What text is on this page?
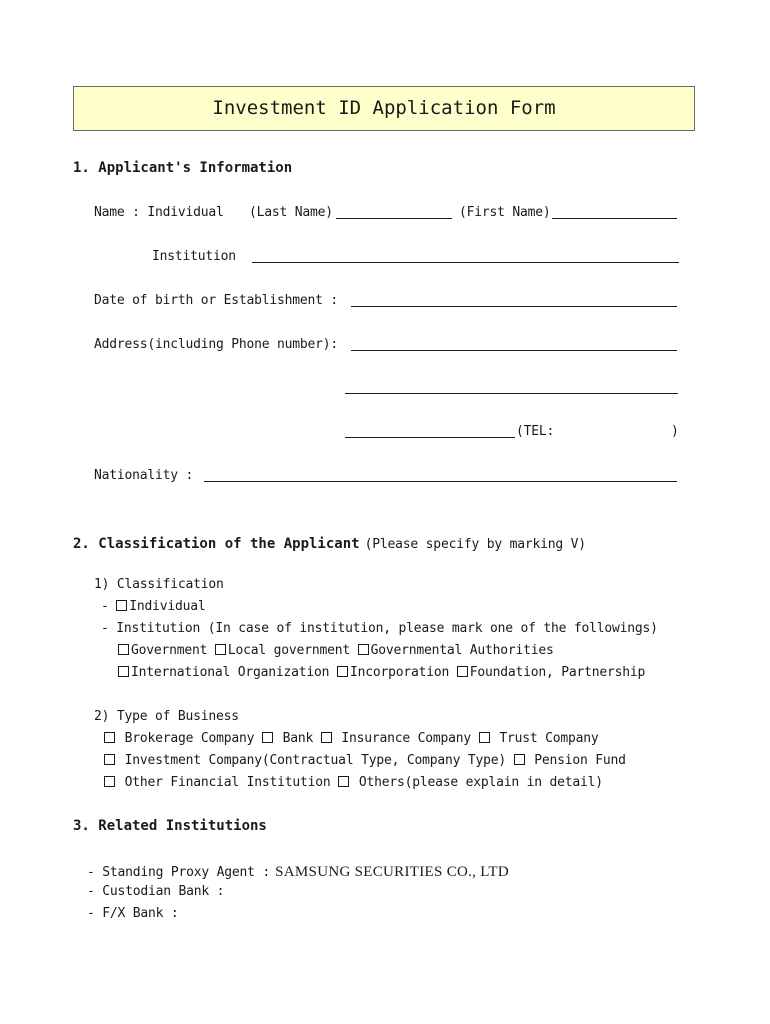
Investment ID Application Form
1. Applicant's Information
Name : Individual (Last Name)	(First Name)
Institution
Date of birth or Establishment :
Address(including Phone number):
(TEL:	)
Nationality :
2. Classification of the Applicant (Please specify by marking V)
1) Classification
- Individual
- Institution (In case of institution, please mark one of the followings)
Government Local government Governmental Authorities
International Organization Incorporation Foundation, Partnership
2) Type of Business
Brokerage Company Bank Insurance Company Trust Company
Investment Company(Contractual Type, Company Type) Pension Fund
Other Financial Institution Others(please explain in detail)
3. Related Institutions
- Standing Proxy Agent : SAMSUNG SECURITIES CO., LTD
- Custodian Bank :
- F/X Bank :
